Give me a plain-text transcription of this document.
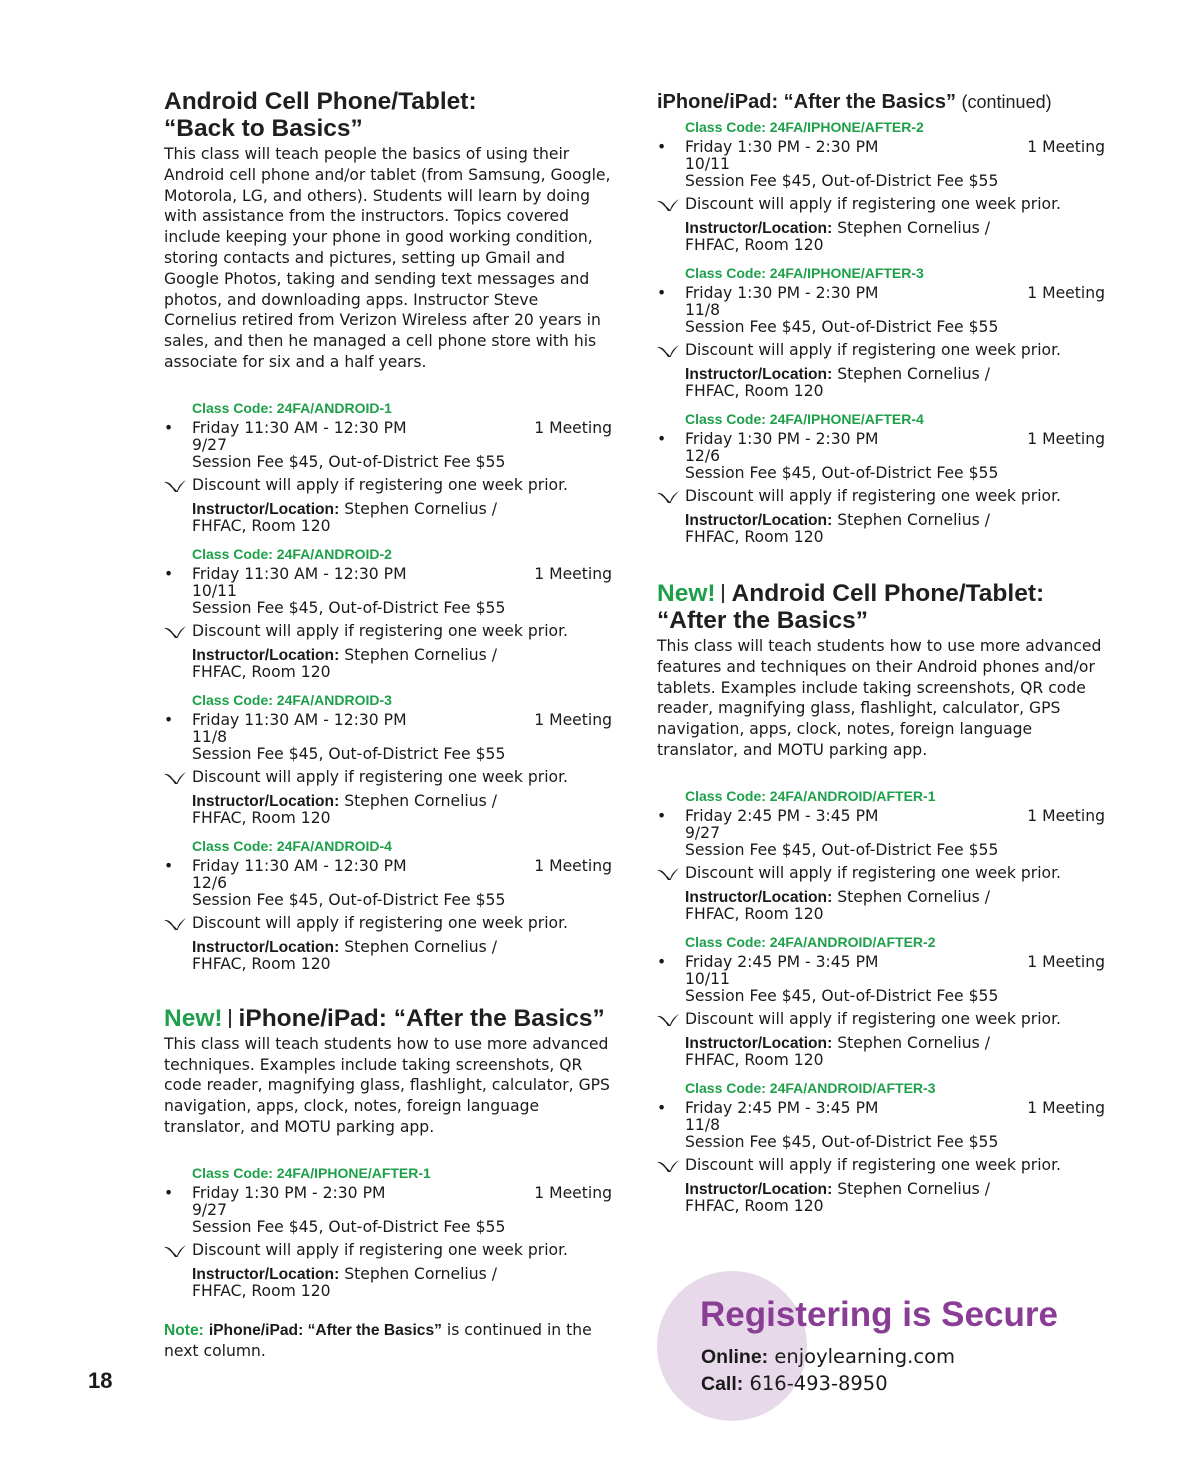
Android Cell Phone/Tablet:
“Back to Basics”

This class will teach people the basics of using their Android cell phone and/or tablet (from Samsung, Google, Motorola, LG, and others). Students will learn by doing with assistance from the instructors. Topics covered include keeping your phone in good working condition, storing contacts and pictures, setting up Gmail and Google Photos, taking and sending text messages and photos, and downloading apps. Instructor Steve Cornelius retired from Verizon Wireless after 20 years in sales, and then he managed a cell phone store with his associate for six and a half years.

Class Code: 24FA/ANDROID-1
• Friday 11:30 AM - 12:30 PM	1 Meeting
9/27
Session Fee $45, Out-of-District Fee $55
Discount will apply if registering one week prior.
Instructor/Location: Stephen Cornelius /
FHFAC, Room 120
Class Code: 24FA/ANDROID-2
• Friday 11:30 AM - 12:30 PM	1 Meeting
10/11
Session Fee $45, Out-of-District Fee $55
Discount will apply if registering one week prior.
Instructor/Location: Stephen Cornelius /
FHFAC, Room 120
Class Code: 24FA/ANDROID-3
• Friday 11:30 AM - 12:30 PM	1 Meeting
11/8
Session Fee $45, Out-of-District Fee $55
Discount will apply if registering one week prior.
Instructor/Location: Stephen Cornelius /
FHFAC, Room 120
Class Code: 24FA/ANDROID-4
• Friday 11:30 AM - 12:30 PM	1 Meeting
12/6
Session Fee $45, Out-of-District Fee $55
Discount will apply if registering one week prior.
Instructor/Location: Stephen Cornelius /
FHFAC, Room 120
New! iPhone/iPad: “After the Basics”

This class will teach students how to use more advanced techniques. Examples include taking screenshots, QR code reader, magnifying glass, flashlight, calculator, GPS navigation, apps, clock, notes, foreign language translator, and MOTU parking app.

Class Code: 24FA/IPHONE/AFTER-1
• Friday 1:30 PM - 2:30 PM	1 Meeting
9/27
Session Fee $45, Out-of-District Fee $55
Discount will apply if registering one week prior.
Instructor/Location: Stephen Cornelius /
FHFAC, Room 120
Note: iPhone/iPad: “After the Basics” is continued in the next column.
iPhone/iPad: “After the Basics” (continued)
Class Code: 24FA/IPHONE/AFTER-2
• Friday 1:30 PM - 2:30 PM	1 Meeting
10/11
Session Fee $45, Out-of-District Fee $55
Discount will apply if registering one week prior.
Instructor/Location: Stephen Cornelius /
FHFAC, Room 120
Class Code: 24FA/IPHONE/AFTER-3
• Friday 1:30 PM - 2:30 PM	1 Meeting
11/8
Session Fee $45, Out-of-District Fee $55
Discount will apply if registering one week prior.
Instructor/Location: Stephen Cornelius /
FHFAC, Room 120
Class Code: 24FA/IPHONE/AFTER-4
• Friday 1:30 PM - 2:30 PM	1 Meeting
12/6
Session Fee $45, Out-of-District Fee $55
Discount will apply if registering one week prior.
Instructor/Location: Stephen Cornelius /
FHFAC, Room 120
New! Android Cell Phone/Tablet:
“After the Basics”

This class will teach students how to use more advanced features and techniques on their Android phones and/or tablets. Examples include taking screenshots, QR code reader, magnifying glass, flashlight, calculator, GPS navigation, apps, clock, notes, foreign language translator, and MOTU parking app.

Class Code: 24FA/ANDROID/AFTER-1
• Friday 2:45 PM - 3:45 PM	1 Meeting
9/27
Session Fee $45, Out-of-District Fee $55
Discount will apply if registering one week prior.
Instructor/Location: Stephen Cornelius /
FHFAC, Room 120
Class Code: 24FA/ANDROID/AFTER-2
• Friday 2:45 PM - 3:45 PM	1 Meeting
10/11
Session Fee $45, Out-of-District Fee $55
Discount will apply if registering one week prior.
Instructor/Location: Stephen Cornelius /
FHFAC, Room 120
Class Code: 24FA/ANDROID/AFTER-3
• Friday 2:45 PM - 3:45 PM	1 Meeting
11/8
Session Fee $45, Out-of-District Fee $55
Discount will apply if registering one week prior.
Instructor/Location: Stephen Cornelius /
FHFAC, Room 120
18
Registering is Secure
Online: enjoylearning.com
Call: 616-493-8950
